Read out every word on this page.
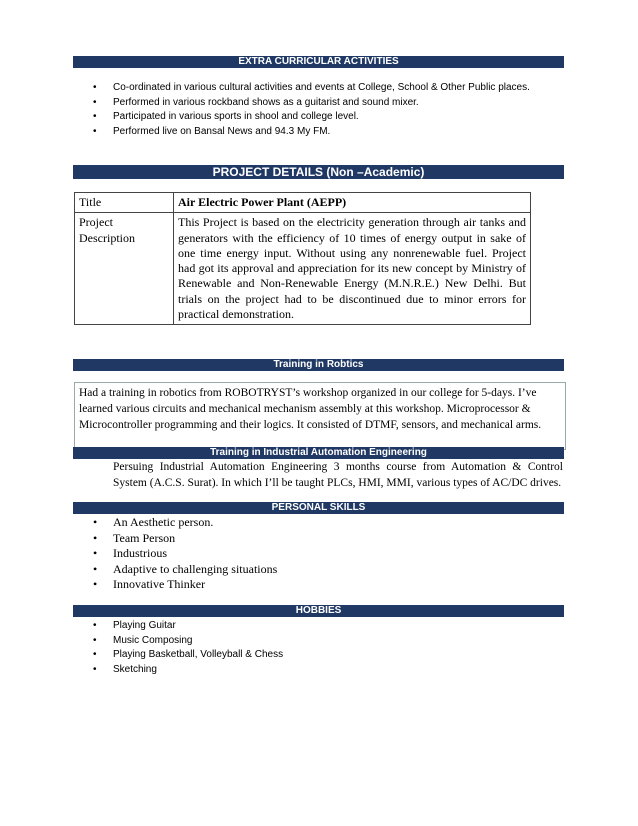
EXTRA CURRICULAR ACTIVITIES
• Co-ordinated in various cultural activities and events at College, School & Other Public places.
• Performed in various rockband shows as a guitarist and sound mixer.
• Participated in various sports in shool and college level.
• Performed live on Bansal News and 94.3 My FM.
PROJECT DETAILS (Non –Academic)
Title	Air Electric Power Plant (AEPP)
Project Description	This Project is based on the electricity generation through air tanks and generators with the efficiency of 10 times of energy output in sake of one time energy input. Without using any nonrenewable fuel. Project had got its approval and appreciation for its new concept by Ministry of Renewable and Non-Renewable Energy (M.N.R.E.) New Delhi. But trials on the project had to be discontinued due to minor errors for practical demonstration.
Training in Robtics
Had a training in robotics from ROBOTRYST’s workshop organized in our college for 5-days. I’ve learned various circuits and mechanical mechanism assembly at this workshop. Microprocessor & Microcontroller programming and their logics. It consisted of DTMF, sensors, and mechanical arms.
Training in Industrial Automation Engineering
Persuing Industrial Automation Engineering 3 months course from Automation & Control System (A.C.S. Surat). In which I’ll be taught PLCs, HMI, MMI, various types of AC/DC drives.
PERSONAL SKILLS
• An Aesthetic person.
• Team Person
• Industrious
• Adaptive to challenging situations
• Innovative Thinker
HOBBIES
• Playing Guitar
• Music Composing
• Playing Basketball, Volleyball & Chess
• Sketching
